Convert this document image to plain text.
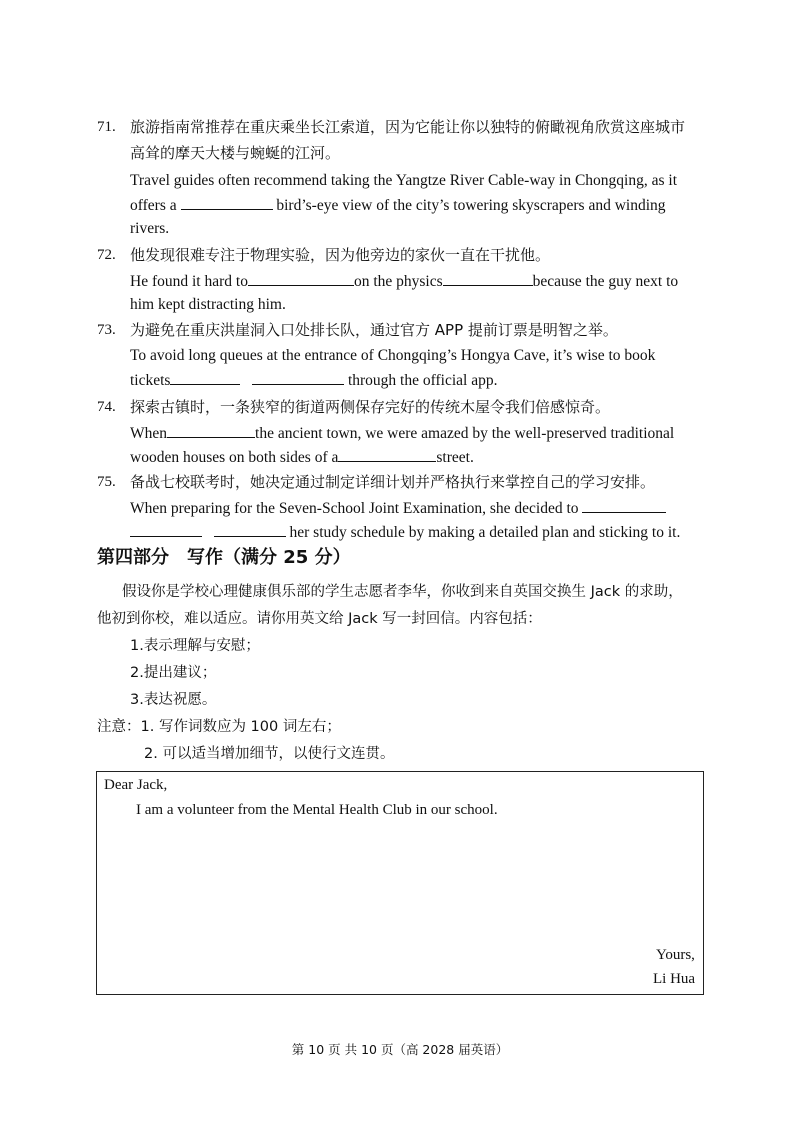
71. 旅游指南常推荐在重庆乘坐长江索道，因为它能让你以独特的俯瞰视角欣赏这座城市
高耸的摩天大楼与蜿蜒的江河。
Travel guides often recommend taking the Yangtze River Cable-way in Chongqing, as it
offers a	bird’s-eye view of the city’s towering skyscrapers and winding
rivers.
72. 他发现很难专注于物理实验，因为他旁边的家伙一直在干扰他。
He found it hard to	on the physics	because the guy next to
him kept distracting him.
73. 为避免在重庆洪崖洞入口处排长队，通过官方 APP 提前订票是明智之举。
To avoid long queues at the entrance of Chongqing’s Hongya Cave, it’s wise to book
tickets	through the official app.
74. 探索古镇时，一条狭窄的街道两侧保存完好的传统木屋令我们倍感惊奇。
When	the ancient town, we were amazed by the well-preserved traditional
wooden houses on both sides of a	street.
75. 备战七校联考时，她决定通过制定详细计划并严格执行来掌控自己的学习安排。
When preparing for the Seven-School Joint Examination, she decided to
her study schedule by making a detailed plan and sticking to it.
第四部分　写作（满分 25 分）
假设你是学校心理健康俱乐部的学生志愿者李华，你收到来自英国交换生 Jack 的求助，
他初到你校，难以适应。请你用英文给 Jack 写一封回信。内容包括：
1.表示理解与安慰；
2.提出建议；
3.表达祝愿。
注意：1. 写作词数应为 100 词左右；
2. 可以适当增加细节，以使行文连贯。
Dear Jack,
I am a volunteer from the Mental Health Club in our school.
Yours,
Li Hua
第 10 页 共 10 页（高 2028 届英语）
